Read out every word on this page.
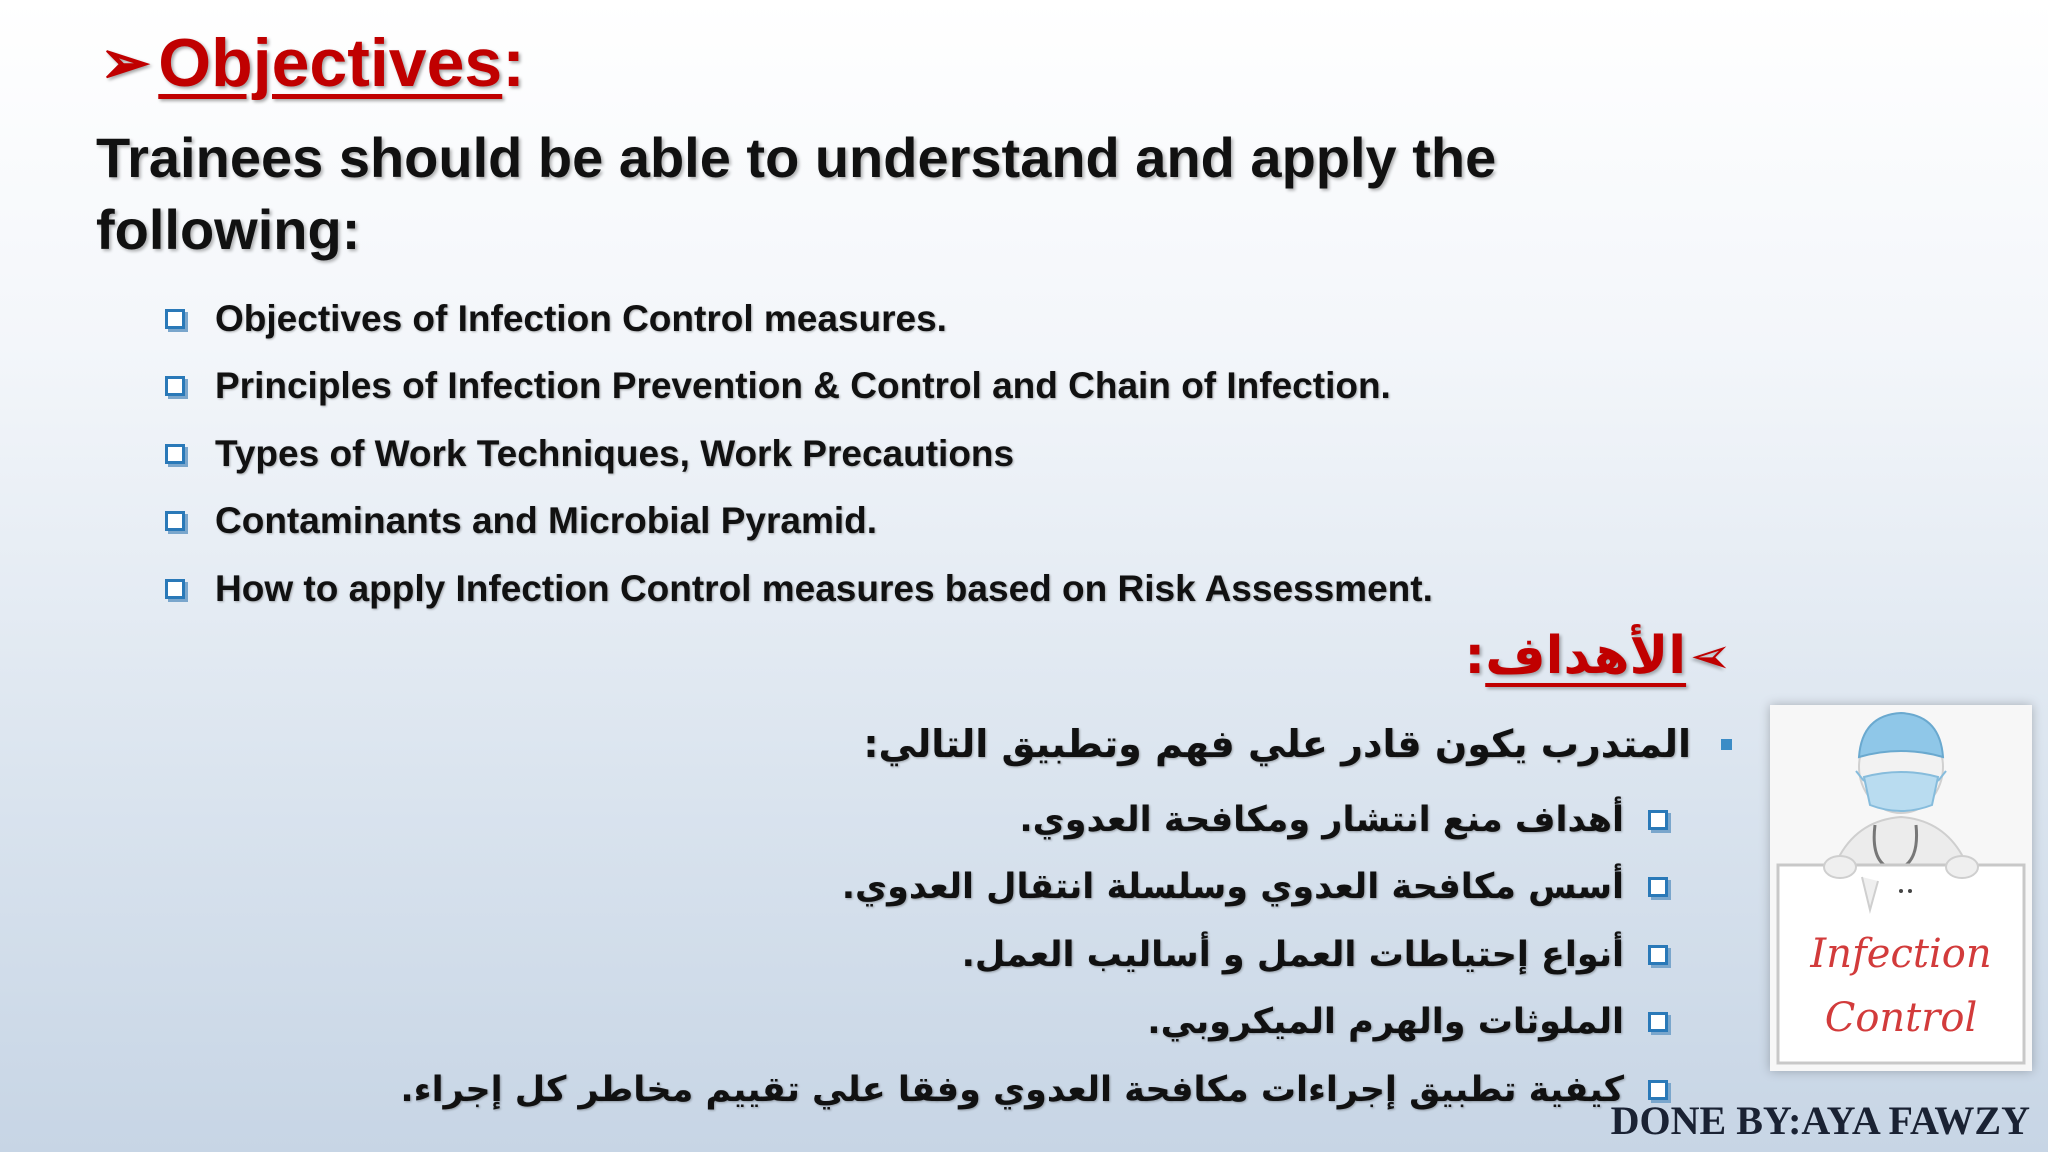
➢ Objectives :
Trainees should be able to understand and apply the following:
Objectives of Infection Control measures.
Principles of Infection Prevention & Control and Chain of Infection.
Types of Work Techniques, Work Precautions
Contaminants and Microbial Pyramid.
How to apply Infection Control measures based on Risk Assessment.
➢
الأهداف
:
المتدرب يكون قادر علي فهم وتطبيق التالي:
أهداف منع انتشار ومكافحة العدوي.
أسس مكافحة العدوي وسلسلة انتقال العدوي.
أنواع إحتياطات العمل و أساليب العمل.
الملوثات والهرم الميكروبي.
كيفية تطبيق إجراءات مكافحة العدوي وفقا علي تقييم مخاطر كل إجراء.
Infection
Control
DONE BY:AYA FAWZY
